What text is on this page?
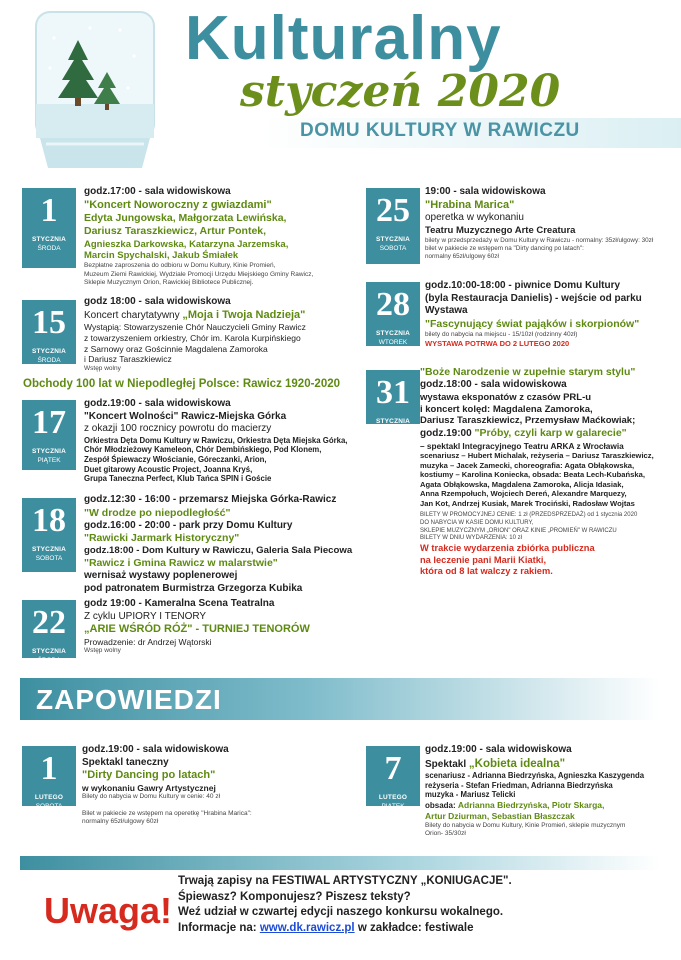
Kulturalny
styczeń 2020
DOMU KULTURY W RAWICZU
1
STYCZNIA
ŚRODA
godz.17:00 - sala widowiskowa
"Koncert Noworoczny z gwiazdami"
Edyta Jungowska, Małgorzata Lewińska,
Dariusz Taraszkiewicz, Artur Pontek,
Agnieszka Darkowska, Katarzyna Jarzemska,
Marcin Spychalski, Jakub Śmiałek
Bezpłatne zaproszenia do odbioru w Domu Kultury, Kinie Promień,
Muzeum Ziemi Rawickiej, Wydziale Promocji Urzędu Miejskiego Gminy Rawicz,
Sklepie Muzycznym Orion, Rawickiej Bibliotece Publicznej.
15
STYCZNIA
ŚRODA
godz 18:00 - sala widowiskowa
Koncert charytatywny „Moja i Twoja Nadzieja"
Wystąpią: Stowarzyszenie Chór Nauczycieli Gminy Rawicz
z towarzyszeniem orkiestry, Chór im. Karola Kurpińskiego
z Sarnowy oraz Gościnnie Magdalena Zamoroka
i Dariusz Taraszkiewicz
Wstęp wolny
Obchody 100 lat w Niepodległej Polsce: Rawicz 1920-2020
17
STYCZNIA
PIĄTEK
godz.19:00 - sala widowiskowa
"Koncert Wolności" Rawicz-Miejska Górka
z okazji 100 rocznicy powrotu do macierzy
Orkiestra Dęta Domu Kultury w Rawiczu, Orkiestra Dęta Miejska Górka,
Chór Młodzieżowy Kameleon, Chór Dembińskiego, Pod Klonem,
Zespół Śpiewaczy Włościanie, Góreczanki, Arion,
Duet gitarowy Acoustic Project, Joanna Kryś,
Grupa Taneczna Perfect, Klub Tańca SPIN i Goście
18
STYCZNIA
SOBOTA
godz.12:30 - 16:00 - przemarsz Miejska Górka-Rawicz
"W drodze po niepodległość"
godz.16:00 - 20:00 - park przy Domu Kultury
"Rawicki Jarmark Historyczny"
godz.18:00 - Dom Kultury w Rawiczu, Galeria Sala Piecowa
"Rawicz i Gmina Rawicz w malarstwie"
wernisaż wystawy poplenerowej
pod patronatem Burmistrza Grzegorza Kubika
22
STYCZNIA
ŚRODA
godz 19:00 - Kameralna Scena Teatralna
Z cyklu UPIORY I TENORY
„ARIE WŚRÓD RÓŻ" - TURNIEJ TENORÓW
Prowadzenie: dr Andrzej Wątorski
Wstęp wolny
25
STYCZNIA
SOBOTA
19:00 - sala widowiskowa
"Hrabina Marica"
operetka w wykonaniu
Teatru Muzycznego Arte Creatura
bilety w przedsprzedaży w Domu Kultury w Rawiczu - normalny: 35zł/ulgowy: 30zł
bilet w pakiecie ze wstępem na "Dirty dancing po latach":
normalny 65zł/ulgowy 60zł
28
STYCZNIA
WTOREK
godz.10:00-18:00 - piwnice Domu Kultury
(byla Restauracja Danielis) - wejście od parku
Wystawa
"Fascynujący świat pająków i skorpionów"
bilety do nabycia na miejscu - 15/10zł (rodzinny 40zł)
WYSTAWA POTRWA DO 2 LUTEGO 2020
31
STYCZNIA
PIĄTEK
"Boże Narodzenie w zupełnie starym stylu"
godz.18:00 - sala widowiskowa
wystawa eksponatów z czasów PRL-u
i koncert kolęd: Magdalena Zamoroka,
Dariusz Taraszkiewicz, Przemysław Maćkowiak;
godz.19:00 "Próby, czyli karp w galarecie"
– spektakl Integracyjnego Teatru ARKA z Wrocławia
scenariusz – Hubert Michalak, reżyseria – Dariusz Taraszkiewicz,
muzyka – Jacek Zamecki, choreografia: Agata Obłąkowska,
kostiumy – Karolina Koniecka, obsada: Beata Lech-Kubańska,
Agata Obłąkowska, Magdalena Zamoroka, Alicja Idasiak,
Anna Rzempołuch, Wojciech Dereń, Alexandre Marquezy,
Jan Kot, Andrzej Kusiak, Marek Trociński, Radosław Wojtas
BILETY W PROMOCYJNEJ CENIE: 1 zł (PRZEDSPRZEDAŻ) od 1 stycznia 2020
DO NABYCIA W KASIE DOMU KULTURY,
SKLEPIE MUZYCZNYM „ORION" ORAZ KINIE „PROMIEŃ" W RAWICZU
BILETY W DNIU WYDARZENIA: 10 zł
W trakcie wydarzenia zbiórka publiczna
na leczenie pani Marii Kiatki,
która od 8 lat walczy z rakiem.
ZAPOWIEDZI
1
LUTEGO
SOBOTA
godz.19:00 - sala widowiskowa
Spektakl taneczny
"Dirty Dancing po latach"
w wykonaniu Gawry Artystycznej
Bilety do nabycia w Domu Kultury w cenie: 40 zł
Bilet w pakiecie ze wstępem na operetkę "Hrabina Marica":
normalny 65zł/ulgowy 60zł
7
LUTEGO
PIĄTEK
godz.19:00 - sala widowiskowa
Spektakl „Kobieta idealna"
scenariusz - Adrianna Biedrzyńska, Agnieszka Kaszygenda
reżyseria - Stefan Friedman, Adrianna Biedrzyńska
muzyka - Mariusz Telicki
obsada: Adrianna Biedrzyńska, Piotr Skarga,
Artur Dziurman, Sebastian Błaszczak
Bilety do nabycia w Domu Kultury, Kinie Promień, sklepie muzycznym
Orion- 35/30zł
Uwaga!
Trwają zapisy na FESTIWAL ARTYSTYCZNY „KONIUGACJE".
Śpiewasz? Komponujesz? Piszesz teksty?
Weź udział w czwartej edycji naszego konkursu wokalnego.
Informacje na: www.dk.rawicz.pl w zakładce: festiwale
